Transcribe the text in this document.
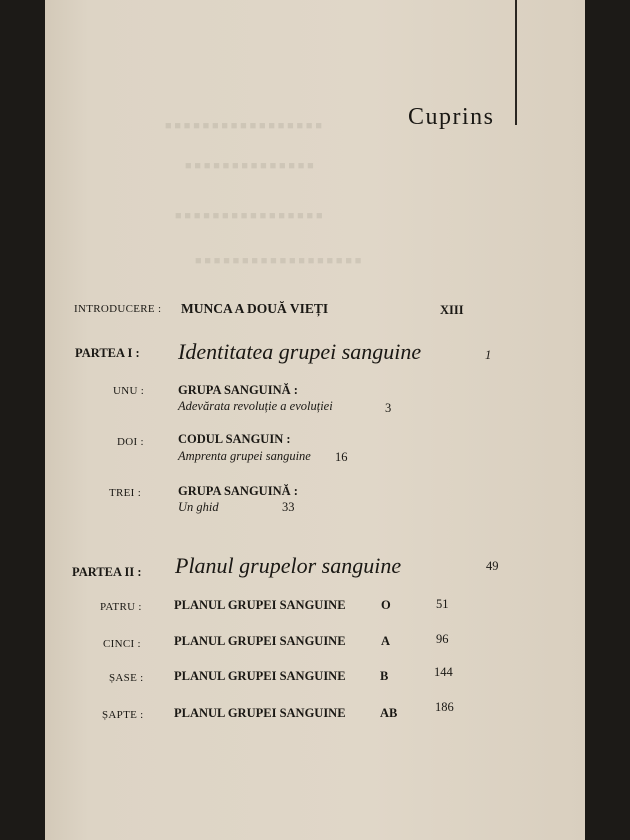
■ ■ ■ ■ ■ ■ ■ ■ ■ ■ ■ ■ ■ ■ ■ ■ ■
■ ■ ■ ■ ■ ■ ■ ■ ■ ■ ■ ■ ■ ■
■ ■ ■ ■ ■ ■ ■ ■ ■ ■ ■ ■ ■ ■ ■ ■
■ ■ ■ ■ ■ ■ ■ ■ ■ ■ ■ ■ ■ ■ ■ ■ ■ ■
Cuprins
INTRODUCERE : MUNCA A DOUĂ VIEȚI	XIII
PARTEA I : Identitatea grupei sanguine	1
UNU :	GRUPA SANGUINĂ :
Adevărata revoluție a evoluției	3
DOI :	CODUL SANGUIN :
Amprenta grupei sanguine 16
TREI :	GRUPA SANGUINĂ :
Un ghid	33
PARTEA II : Planul grupelor sanguine	49
PATRU :	PLANUL GRUPEI SANGUINE	O	51
CINCI :	PLANUL GRUPEI SANGUINE	A	96
ȘASE : PLANUL GRUPEI SANGUINE	B	144
ȘAPTE : PLANUL GRUPEI SANGUINE	AB	186
